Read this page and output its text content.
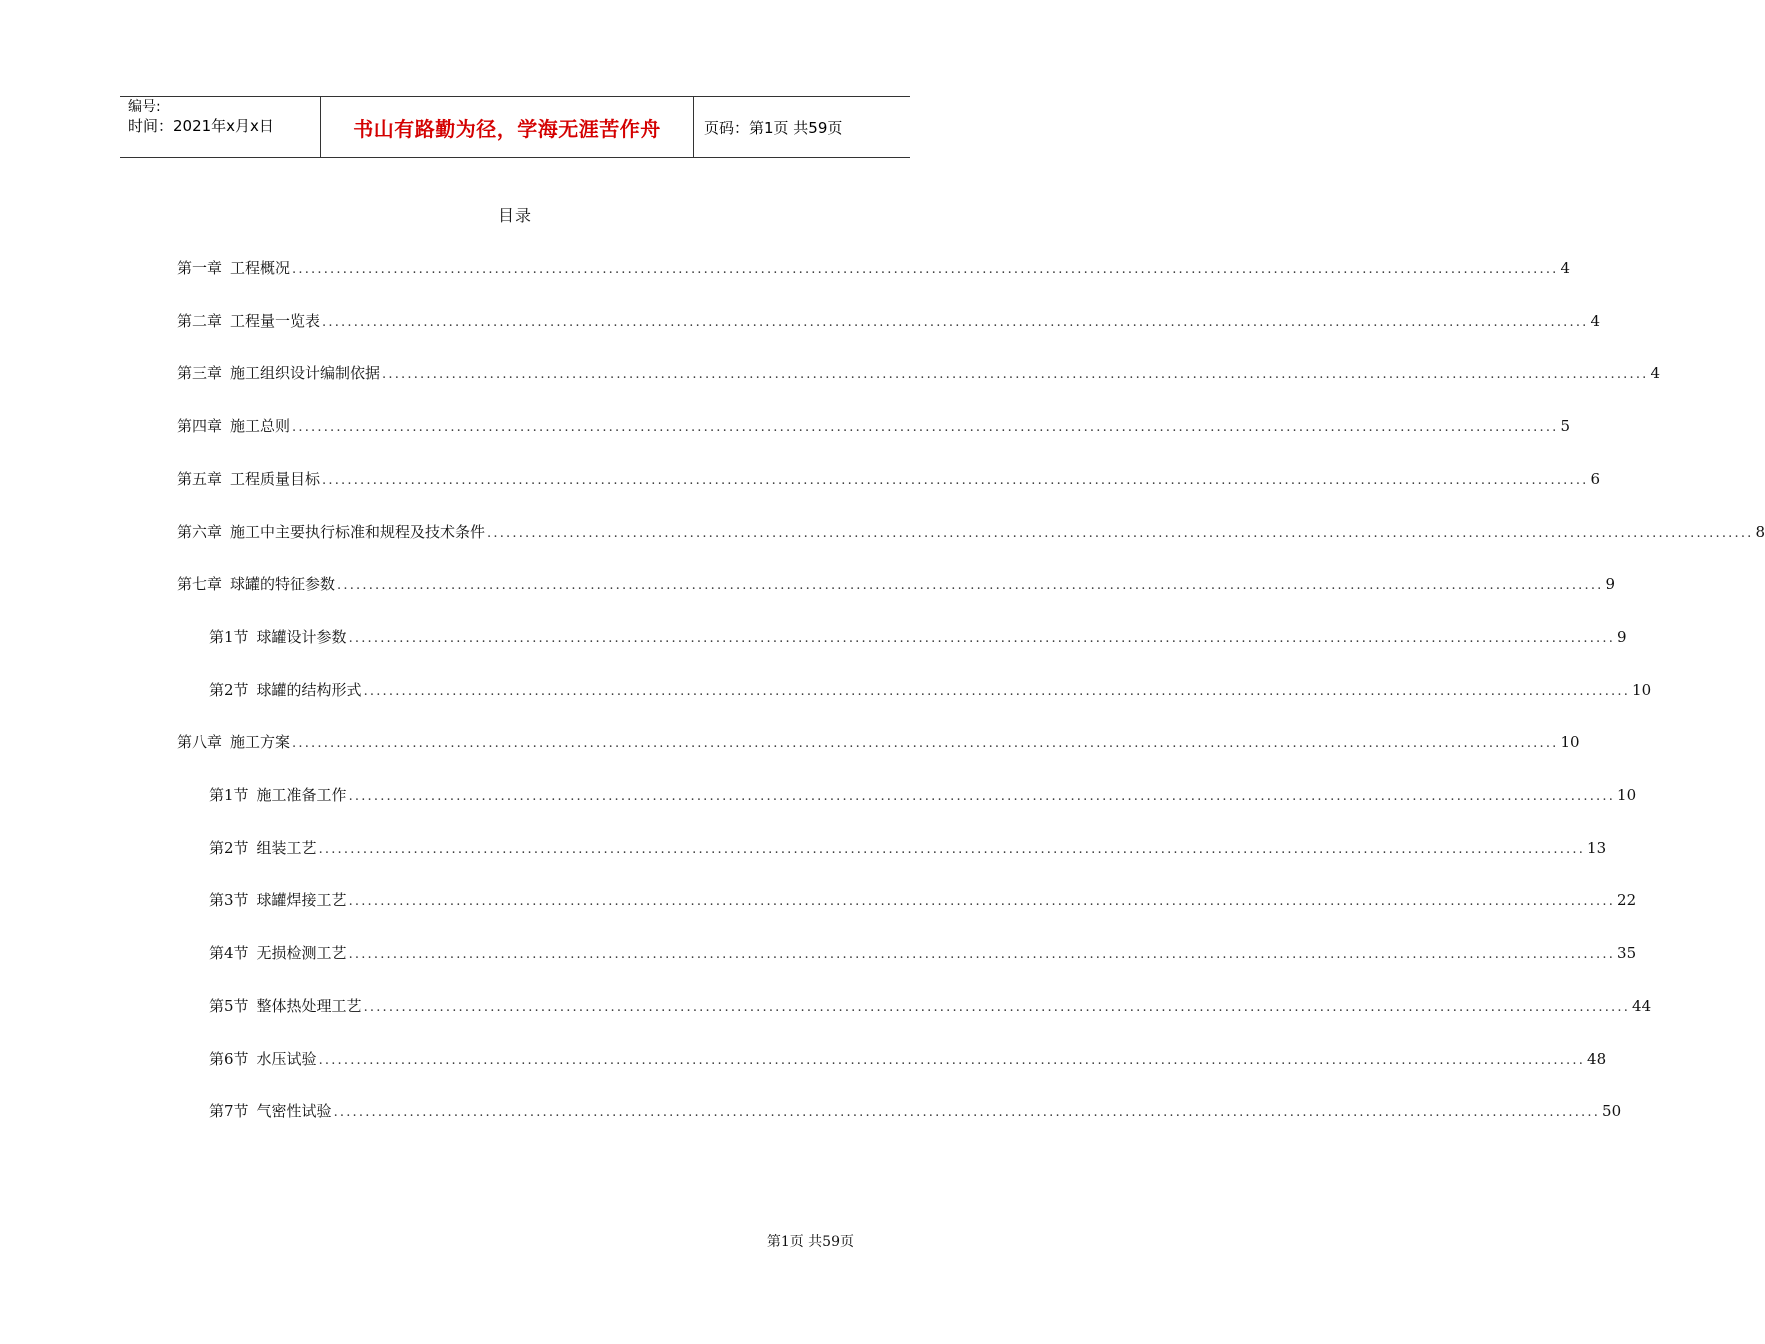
编号:
时间：2021年x月x日	书山有路勤为径，学海无涯苦作舟	页码：第1页 共59页
目录
第一章 工程概况 ........................................................................................................................................................................................................ 4
第二章 工程量一览表 ........................................................................................................................................................................................................ 4
第三章 施工组织设计编制依据 ........................................................................................................................................................................................................ 4
第四章 施工总则 ........................................................................................................................................................................................................ 5
第五章 工程质量目标 ........................................................................................................................................................................................................ 6
第六章 施工中主要执行标准和规程及技术条件 ........................................................................................................................................................................................................ 8
第七章 球罐的特征参数 ........................................................................................................................................................................................................ 9
第1节 球罐设计参数 ........................................................................................................................................................................................................ 9
第2节 球罐的结构形式 ........................................................................................................................................................................................................ 10
第八章 施工方案 ........................................................................................................................................................................................................ 10
第1节 施工准备工作 ........................................................................................................................................................................................................ 10
第2节 组装工艺 ........................................................................................................................................................................................................ 13
第3节 球罐焊接工艺 ........................................................................................................................................................................................................ 22
第4节 无损检测工艺 ........................................................................................................................................................................................................ 35
第5节 整体热处理工艺 ........................................................................................................................................................................................................ 44
第6节 水压试验 ........................................................................................................................................................................................................ 48
第7节 气密性试验 ........................................................................................................................................................................................................ 50
第1页 共59页
